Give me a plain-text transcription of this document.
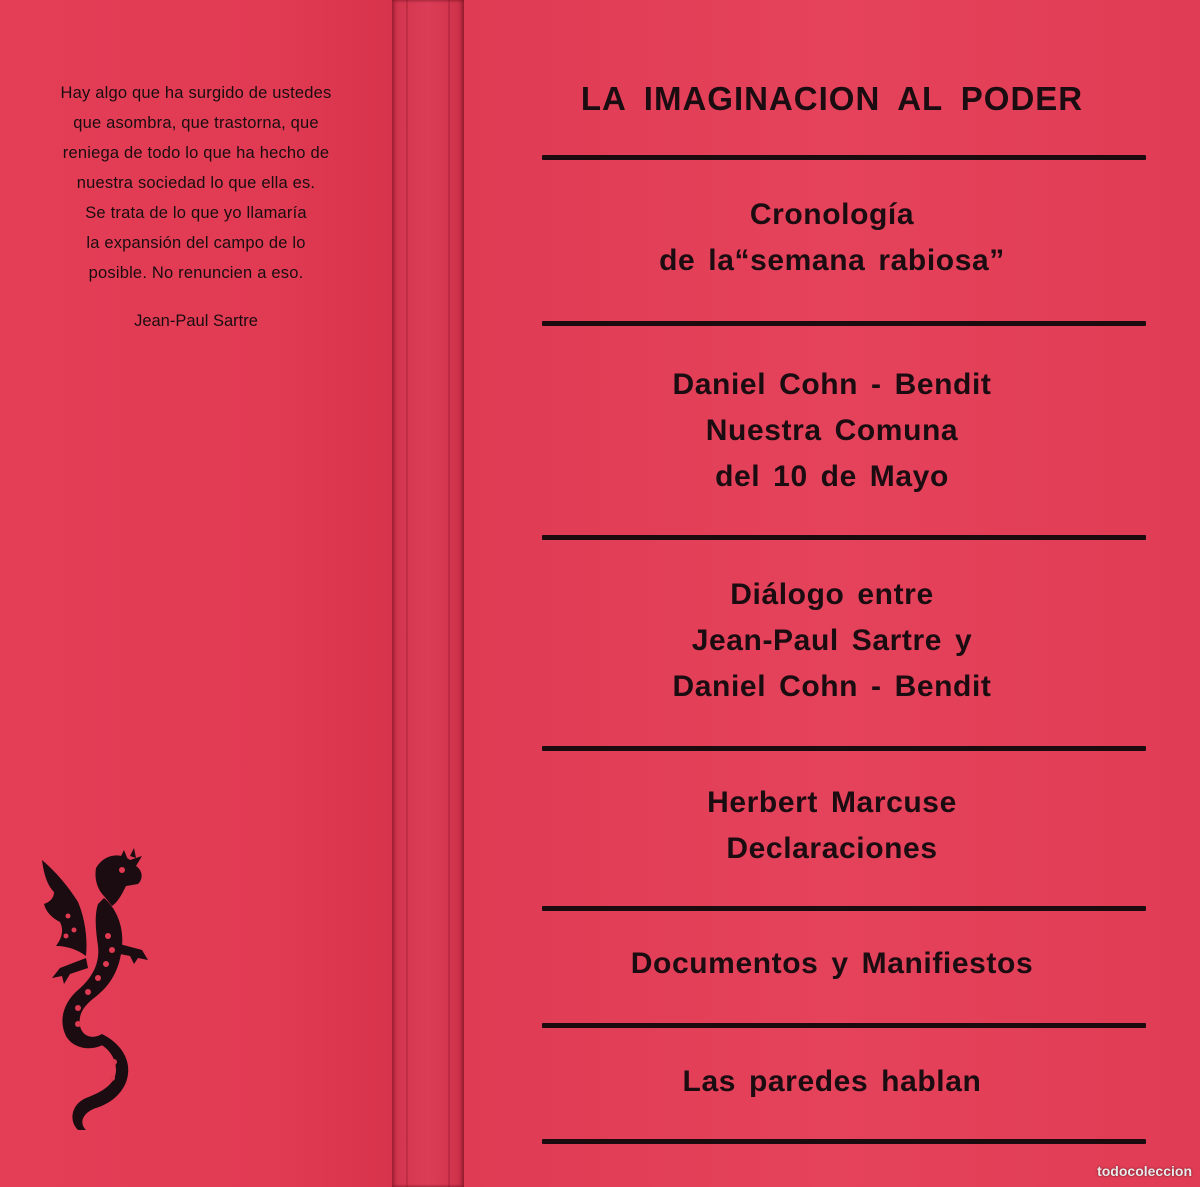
Hay algo que ha surgido de ustedes
que asombra, que trastorna, que
reniega de todo lo que ha hecho de
nuestra sociedad lo que ella es.
Se trata de lo que yo llamaría
la expansión del campo de lo
posible. No renuncien a eso.
Jean-Paul Sartre
LA IMAGINACION AL PODER
Cronología
de la“semana rabiosa”
Daniel Cohn - Bendit
Nuestra Comuna
del 10 de Mayo
Diálogo entre
Jean-Paul Sartre y
Daniel Cohn - Bendit
Herbert Marcuse
Declaraciones
Documentos y Manifiestos
Las paredes hablan
todocoleccion
